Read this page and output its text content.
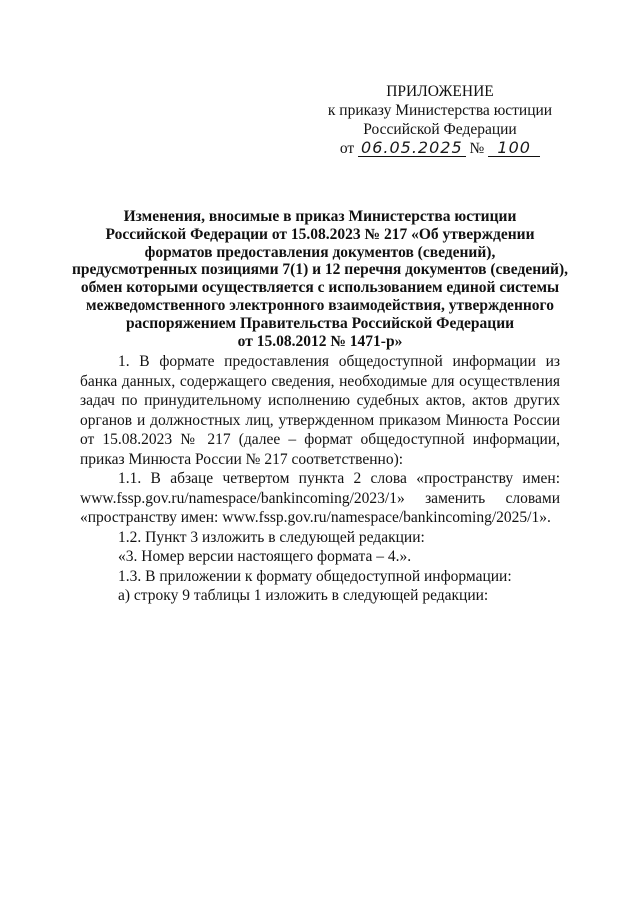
ПРИЛОЖЕНИЕ
к приказу Министерства юстиции
Российской Федерации
от 06.05.2025 № 100
Изменения, вносимые в приказ Министерства юстиции
Российской Федерации от 15.08.2023 № 217 «Об утверждении
форматов предоставления документов (сведений),
предусмотренных позициями 7(1) и 12 перечня документов (сведений),
обмен которыми осуществляется с использованием единой системы
межведомственного электронного взаимодействия, утвержденного
распоряжением Правительства Российской Федерации
от 15.08.2012 № 1471-р»

1. В формате предоставления общедоступной информации из банка данных, содержащего сведения, необходимые для осуществления задач по принудительному исполнению судебных актов, актов других органов и должностных лиц, утвержденном приказом Минюста России от 15.08.2023 № 217 (далее – формат общедоступной информации, приказ Минюста России № 217 соответственно):

1.1. В абзаце четвертом пункта 2 слова «пространству имен: www.fssp.gov.ru/namespace/bankincoming/2023/1» заменить словами «пространству имен: www.fssp.gov.ru/namespace/bankincoming/2025/1».

1.2. Пункт 3 изложить в следующей редакции:

«3. Номер версии настоящего формата – 4.».

1.3. В приложении к формату общедоступной информации:

а) строку 9 таблицы 1 изложить в следующей редакции:
